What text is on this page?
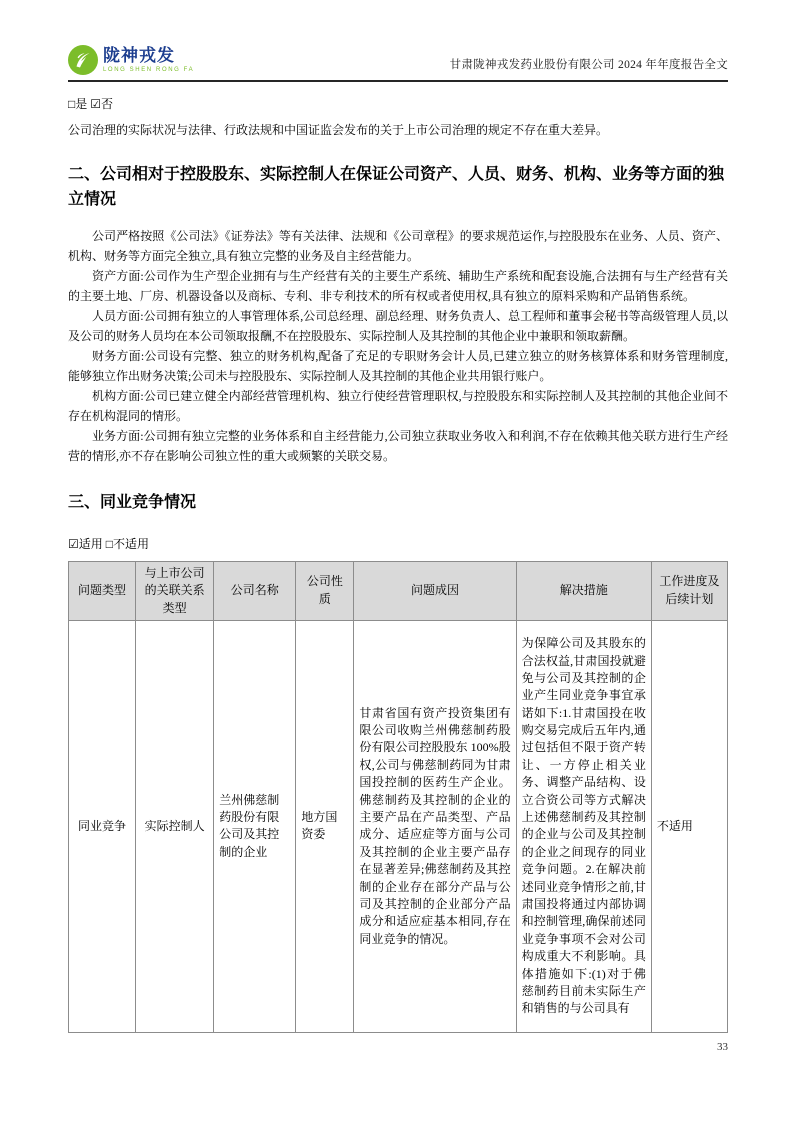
陇神戎发
LONG SHEN RONG FA	甘肃陇神戎发药业股份有限公司 2024 年年度报告全文
□是 ☑否
公司治理的实际状况与法律、行政法规和中国证监会发布的关于上市公司治理的规定不存在重大差异。
二、公司相对于控股股东、实际控制人在保证公司资产、人员、财务、机构、业务等方面的独立情况

公司严格按照《公司法》《证券法》等有关法律、法规和《公司章程》的要求规范运作,与控股股东在业务、人员、资产、机构、财务等方面完全独立,具有独立完整的业务及自主经营能力。

资产方面:公司作为生产型企业拥有与生产经营有关的主要生产系统、辅助生产系统和配套设施,合法拥有与生产经营有关的主要土地、厂房、机器设备以及商标、专利、非专利技术的所有权或者使用权,具有独立的原料采购和产品销售系统。

人员方面:公司拥有独立的人事管理体系,公司总经理、副总经理、财务负责人、总工程师和董事会秘书等高级管理人员,以及公司的财务人员均在本公司领取报酬,不在控股股东、实际控制人及其控制的其他企业中兼职和领取薪酬。

财务方面:公司设有完整、独立的财务机构,配备了充足的专职财务会计人员,已建立独立的财务核算体系和财务管理制度,能够独立作出财务决策;公司未与控股股东、实际控制人及其控制的其他企业共用银行账户。

机构方面:公司已建立健全内部经营管理机构、独立行使经营管理职权,与控股股东和实际控制人及其控制的其他企业间不存在机构混同的情形。

业务方面:公司拥有独立完整的业务体系和自主经营能力,公司独立获取业务收入和利润,不存在依赖其他关联方进行生产经营的情形,亦不存在影响公司独立性的重大或频繁的关联交易。

三、同业竞争情况
☑适用 □不适用
问题类型	与上市公司的关联关系类型	公司名称	公司性质	问题成因	解决措施	工作进度及后续计划
同业竞争	实际控制人	兰州佛慈制药股份有限公司及其控制的企业	地方国资委	甘肃省国有资产投资集团有限公司收购兰州佛慈制药股份有限公司控股股东 100%股权,公司与佛慈制药同为甘肃国投控制的医药生产企业。佛慈制药及其控制的企业的主要产品在产品类型、产品成分、适应症等方面与公司及其控制的企业主要产品存在显著差异;佛慈制药及其控制的企业存在部分产品与公司及其控制的企业部分产品成分和适应症基本相同,存在同业竞争的情况。	为保障公司及其股东的合法权益,甘肃国投就避免与公司及其控制的企业产生同业竞争事宜承诺如下:1.甘肃国投在收购交易完成后五年内,通过包括但不限于资产转让、一方停止相关业务、调整产品结构、设立合资公司等方式解决上述佛慈制药及其控制的企业与公司及其控制的企业之间现存的同业竞争问题。2.在解决前述同业竞争情形之前,甘肃国投将通过内部协调和控制管理,确保前述同业竞争事项不会对公司构成重大不利影响。具体措施如下:(1)对于佛慈制药目前未实际生产和销售的与公司具有	不适用
33
